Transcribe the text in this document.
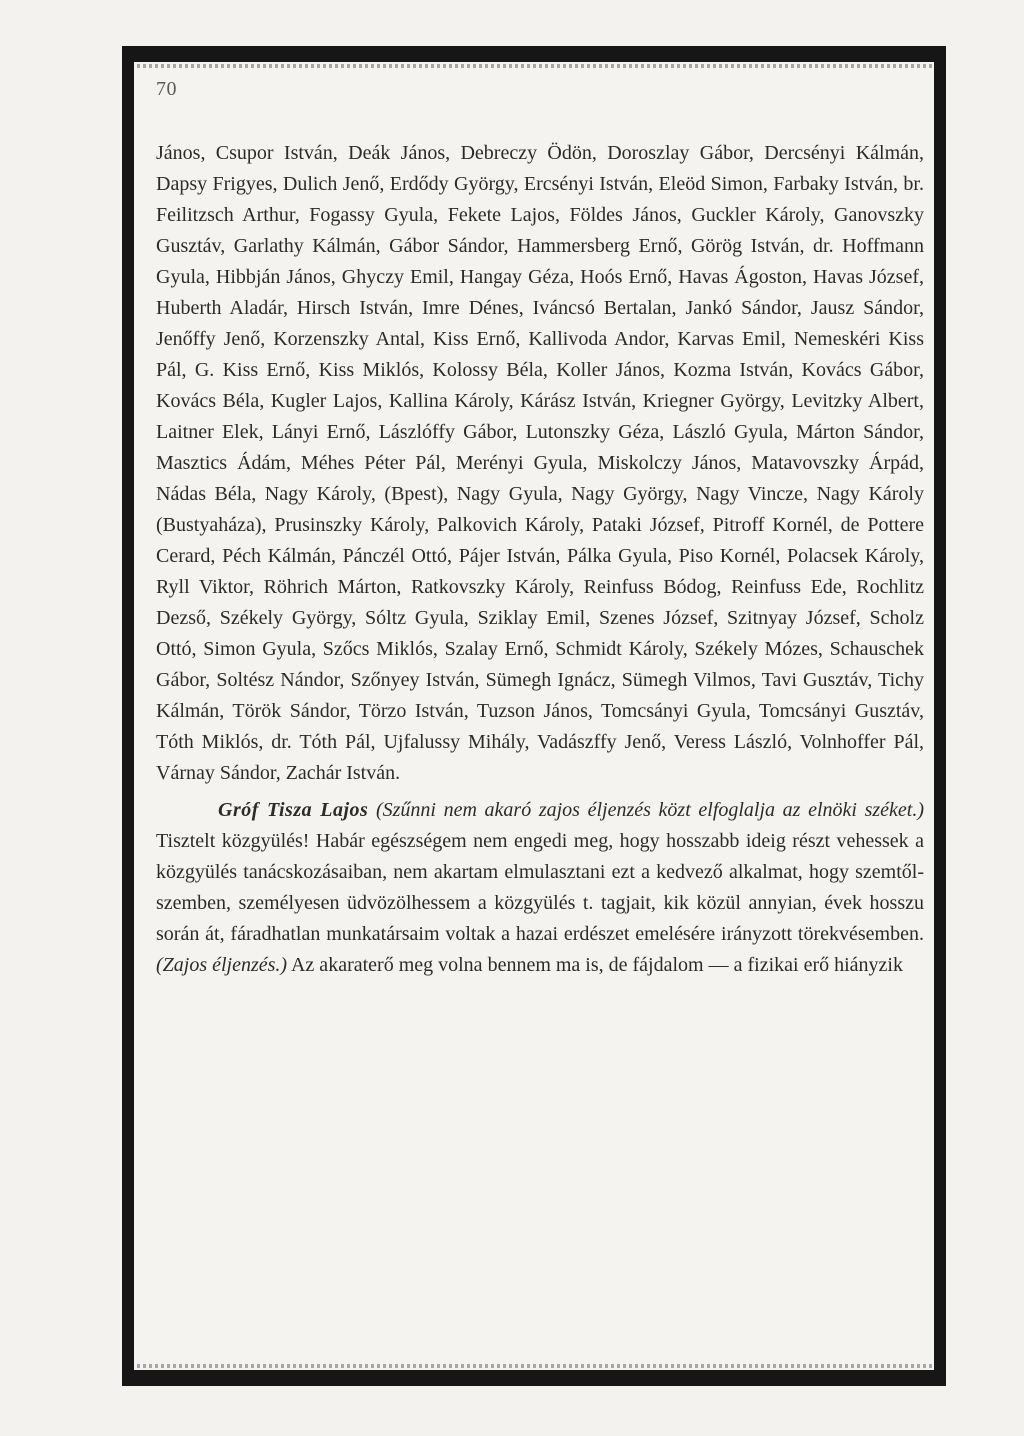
70

János, Csupor István, Deák János, Debreczy Ödön, Doroszlay Gábor, Dercsényi Kálmán, Dapsy Frigyes, Dulich Jenő, Erdődy György, Ercsényi István, Eleöd Simon, Farbaky István, br. Feilitzsch Arthur, Fogassy Gyula, Fekete Lajos, Földes János, Guckler Károly, Ganovszky Gusztáv, Garlathy Kálmán, Gábor Sándor, Hammersberg Ernő, Görög István, dr. Hoffmann Gyula, Hibbján János, Ghyczy Emil, Hangay Géza, Hoós Ernő, Havas Ágoston, Havas József, Huberth Aladár, Hirsch István, Imre Dénes, Iváncsó Bertalan, Jankó Sándor, Jausz Sándor, Jenőffy Jenő, Korzenszky Antal, Kiss Ernő, Kallivoda Andor, Karvas Emil, Nemeskéri Kiss Pál, G. Kiss Ernő, Kiss Miklós, Kolossy Béla, Koller János, Kozma István, Kovács Gábor, Kovács Béla, Kugler Lajos, Kallina Károly, Kárász István, Kriegner György, Levitzky Albert, Laitner Elek, Lányi Ernő, Lászlóffy Gábor, Lutonszky Géza, László Gyula, Márton Sándor, Masztics Ádám, Méhes Péter Pál, Merényi Gyula, Miskolczy János, Matavovszky Árpád, Nádas Béla, Nagy Károly, (Bpest), Nagy Gyula, Nagy György, Nagy Vincze, Nagy Károly (Bustyaháza), Prusinszky Károly, Palkovich Károly, Pataki József, Pitroff Kornél, de Pottere Cerard, Péch Kálmán, Pánczél Ottó, Pájer István, Pálka Gyula, Piso Kornél, Polacsek Károly, Ryll Viktor, Röhrich Márton, Ratkovszky Károly, Reinfuss Bódog, Reinfuss Ede, Rochlitz Dezső, Székely György, Sóltz Gyula, Sziklay Emil, Szenes József, Szitnyay József, Scholz Ottó, Simon Gyula, Szőcs Miklós, Szalay Ernő, Schmidt Károly, Székely Mózes, Schauschek Gábor, Soltész Nándor, Szőnyey István, Sümegh Ignácz, Sümegh Vilmos, Tavi Gusztáv, Tichy Kálmán, Török Sándor, Törzo István, Tuzson János, Tomcsányi Gyula, Tomcsányi Gusztáv, Tóth Miklós, dr. Tóth Pál, Ujfalussy Mihály, Vadászffy Jenő, Veress László, Volnhoffer Pál, Várnay Sándor, Zachár István.

Gróf Tisza Lajos (Szűnni nem akaró zajos éljenzés közt elfoglalja az elnöki széket.) Tisztelt közgyülés! Habár egészségem nem engedi meg, hogy hosszabb ideig részt vehessek a közgyülés tanácskozásaiban, nem akartam elmulasztani ezt a kedvező alkalmat, hogy szemtől-szemben, személyesen üdvözölhessem a közgyülés t. tagjait, kik közül annyian, évek hosszu során át, fáradhatlan munkatársaim voltak a hazai erdészet emelésére irányzott törekvésemben. (Zajos éljenzés.) Az akaraterő meg volna bennem ma is, de fájdalom — a fizikai erő hiányzik
